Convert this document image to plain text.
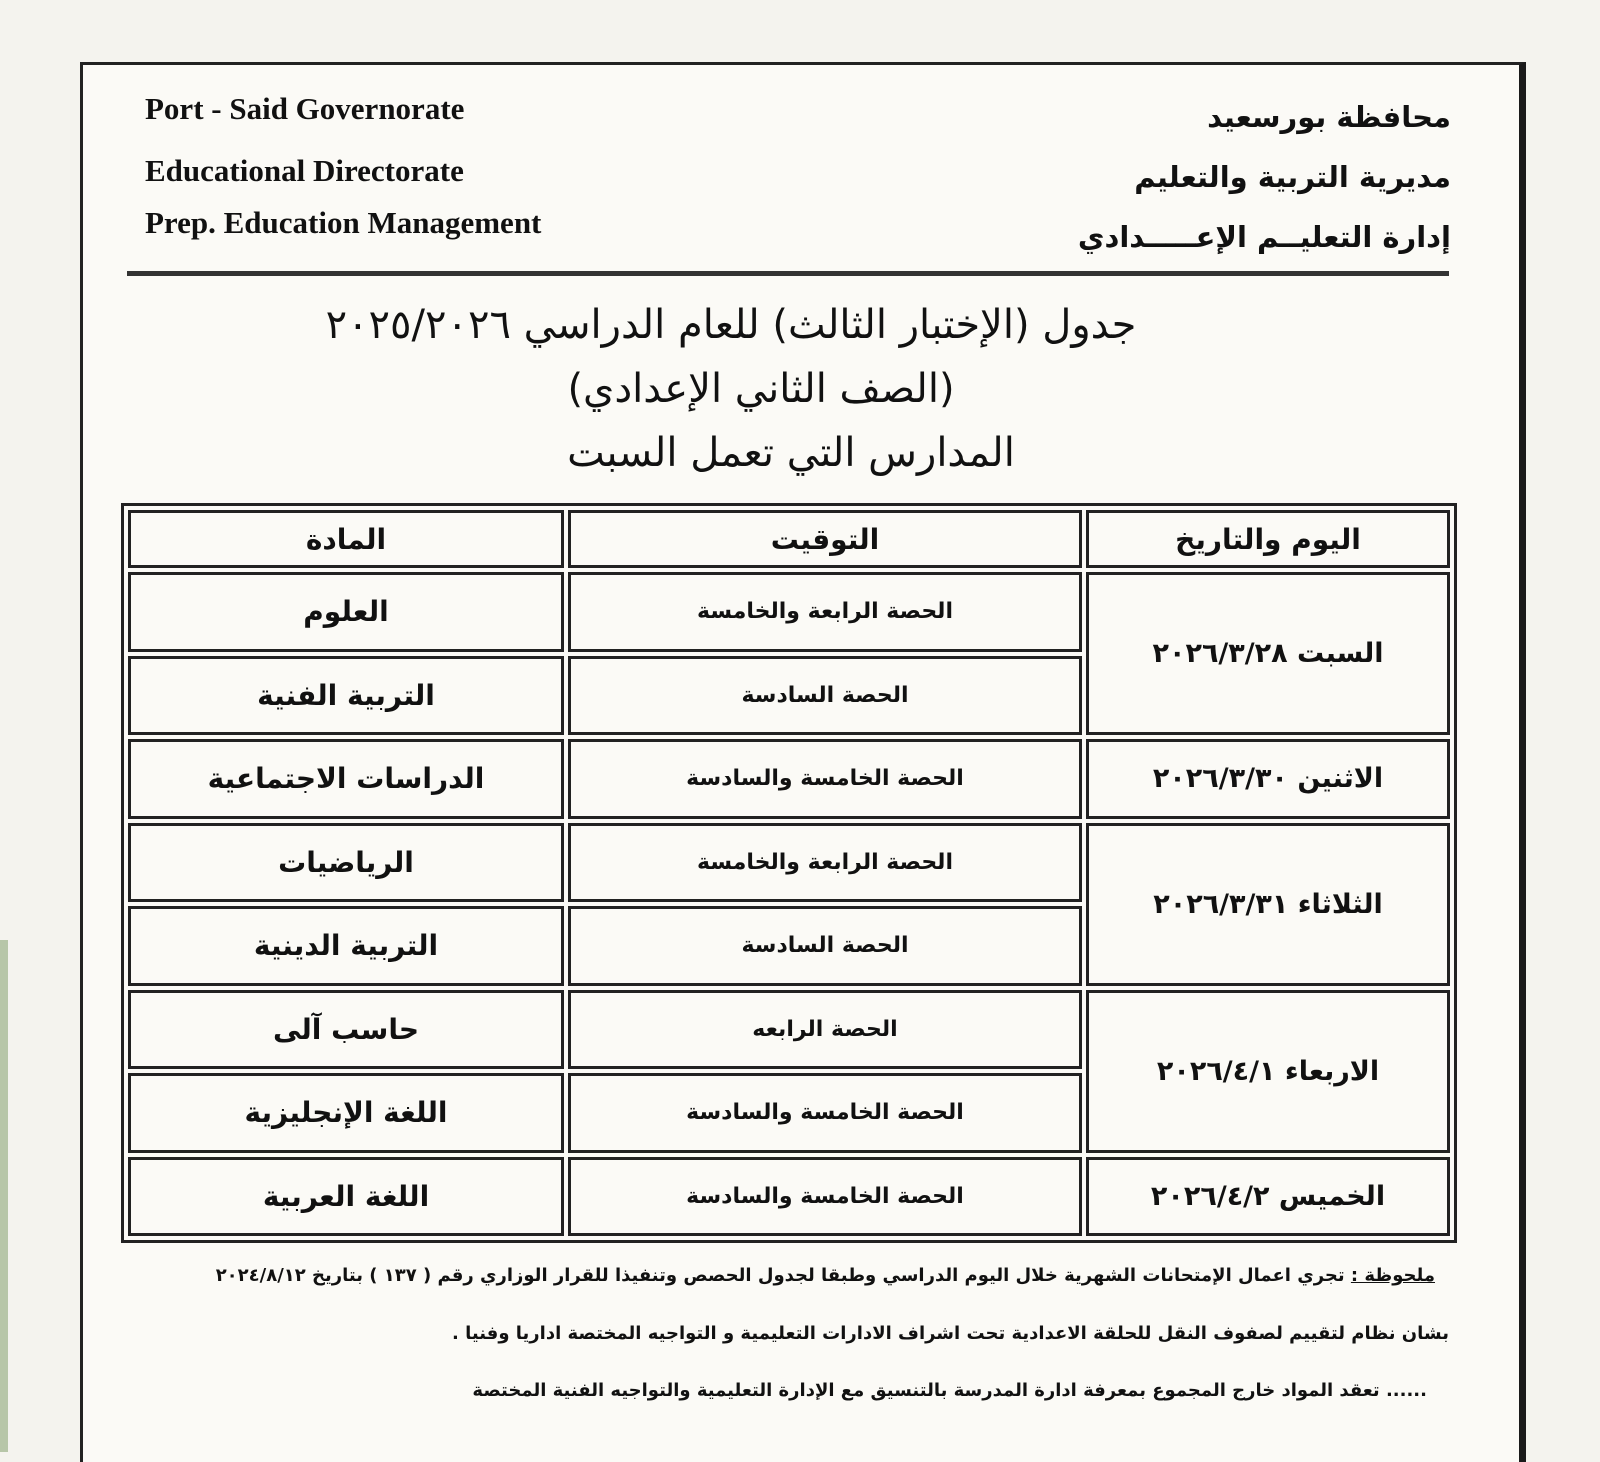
Port - Said Governorate
Educational Directorate
Prep. Education Management
محافظة بورسعيد
مديرية التربية والتعليم
إدارة التعليــم الإعـــــدادي
جدول (الإختبار الثالث) للعام الدراسي ٢٠٢٥/٢٠٢٦
(الصف الثاني الإعدادي)
المدارس التي تعمل السبت
اليوم والتاريخ	التوقيت	المادة
السبت ٢٠٢٦/٣/٢٨	الحصة الرابعة والخامسة	العلوم
	الحصة السادسة	التربية الفنية
الاثنين ٢٠٢٦/٣/٣٠	الحصة الخامسة والسادسة	الدراسات الاجتماعية
الثلاثاء ٢٠٢٦/٣/٣١	الحصة الرابعة والخامسة	الرياضيات
	الحصة السادسة	التربية الدينية
الاربعاء ٢٠٢٦/٤/١	الحصة الرابعه	حاسب آلى
	الحصة الخامسة والسادسة	اللغة الإنجليزية
الخميس ٢٠٢٦/٤/٢	الحصة الخامسة والسادسة	اللغة العربية
ملحوظة : تجري اعمال الإمتحانات الشهرية خلال اليوم الدراسي وطبقا لجدول الحصص وتنفيذا للقرار الوزاري رقم ( ١٣٧ ) بتاريخ ٢٠٢٤/٨/١٢
بشان نظام لتقييم لصفوف النقل للحلقة الاعدادية تحت اشراف الادارات التعليمية و التواجيه المختصة اداريا وفنيا .
...... تعقد المواد خارج المجموع بمعرفة ادارة المدرسة بالتنسيق مع الإدارة التعليمية والتواجيه الفنية المختصة
